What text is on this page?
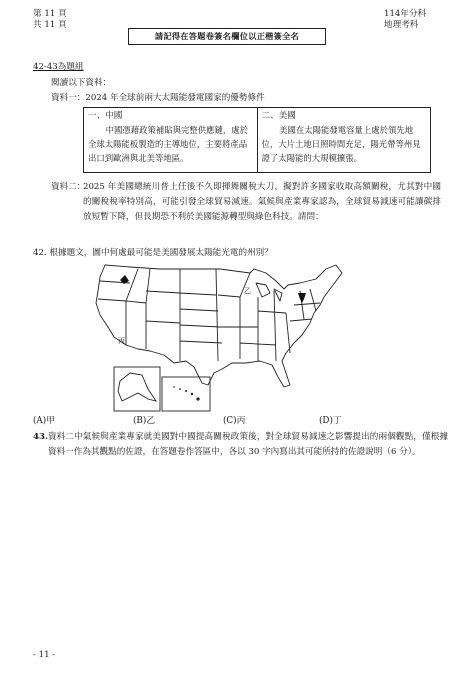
第 11 頁
共 11 頁
請記得在答題卷簽名欄位以正楷簽全名
114年分科
地理考科
42-43為題組
閱讀以下資料：
資料一：2024 年全球前兩大太陽能發電國家的優勢條件
一、中國
中國憑藉政策補貼與完整供應鏈，處於全球太陽能板製造的主導地位，主要將產品出口到歐洲與北美等地區。
二、美國
美國在太陽能發電容量上處於領先地位，大片土地日照時間充足，陽光帶等州見證了太陽能的大規模擴張。
資料二：
2025 年美國總統川普上任後不久即揮舞關稅大刀，擬對許多國家收取高額關稅，尤其對中國的關稅稅率特別高，可能引發全球貿易減速。氣候與產業專家認為，全球貿易減速可能讓碳排放短暫下降，但長期恐不利於美國能源轉型與綠色科技。請問：
42. 根據題文，圖中何處最可能是美國發展太陽能光電的州別？
乙
丙
(A)甲	(B)乙	(C)丙	(D)丁
43. 資料二中氣候與產業專家就美國對中國提高關稅政策後，對全球貿易減速之影響提出的兩個觀點，僅根據資料一作為其觀點的佐證，在答題卷作答區中，各以 30 字內寫出其可能所持的佐證說明（6 分）。
- 11 -
